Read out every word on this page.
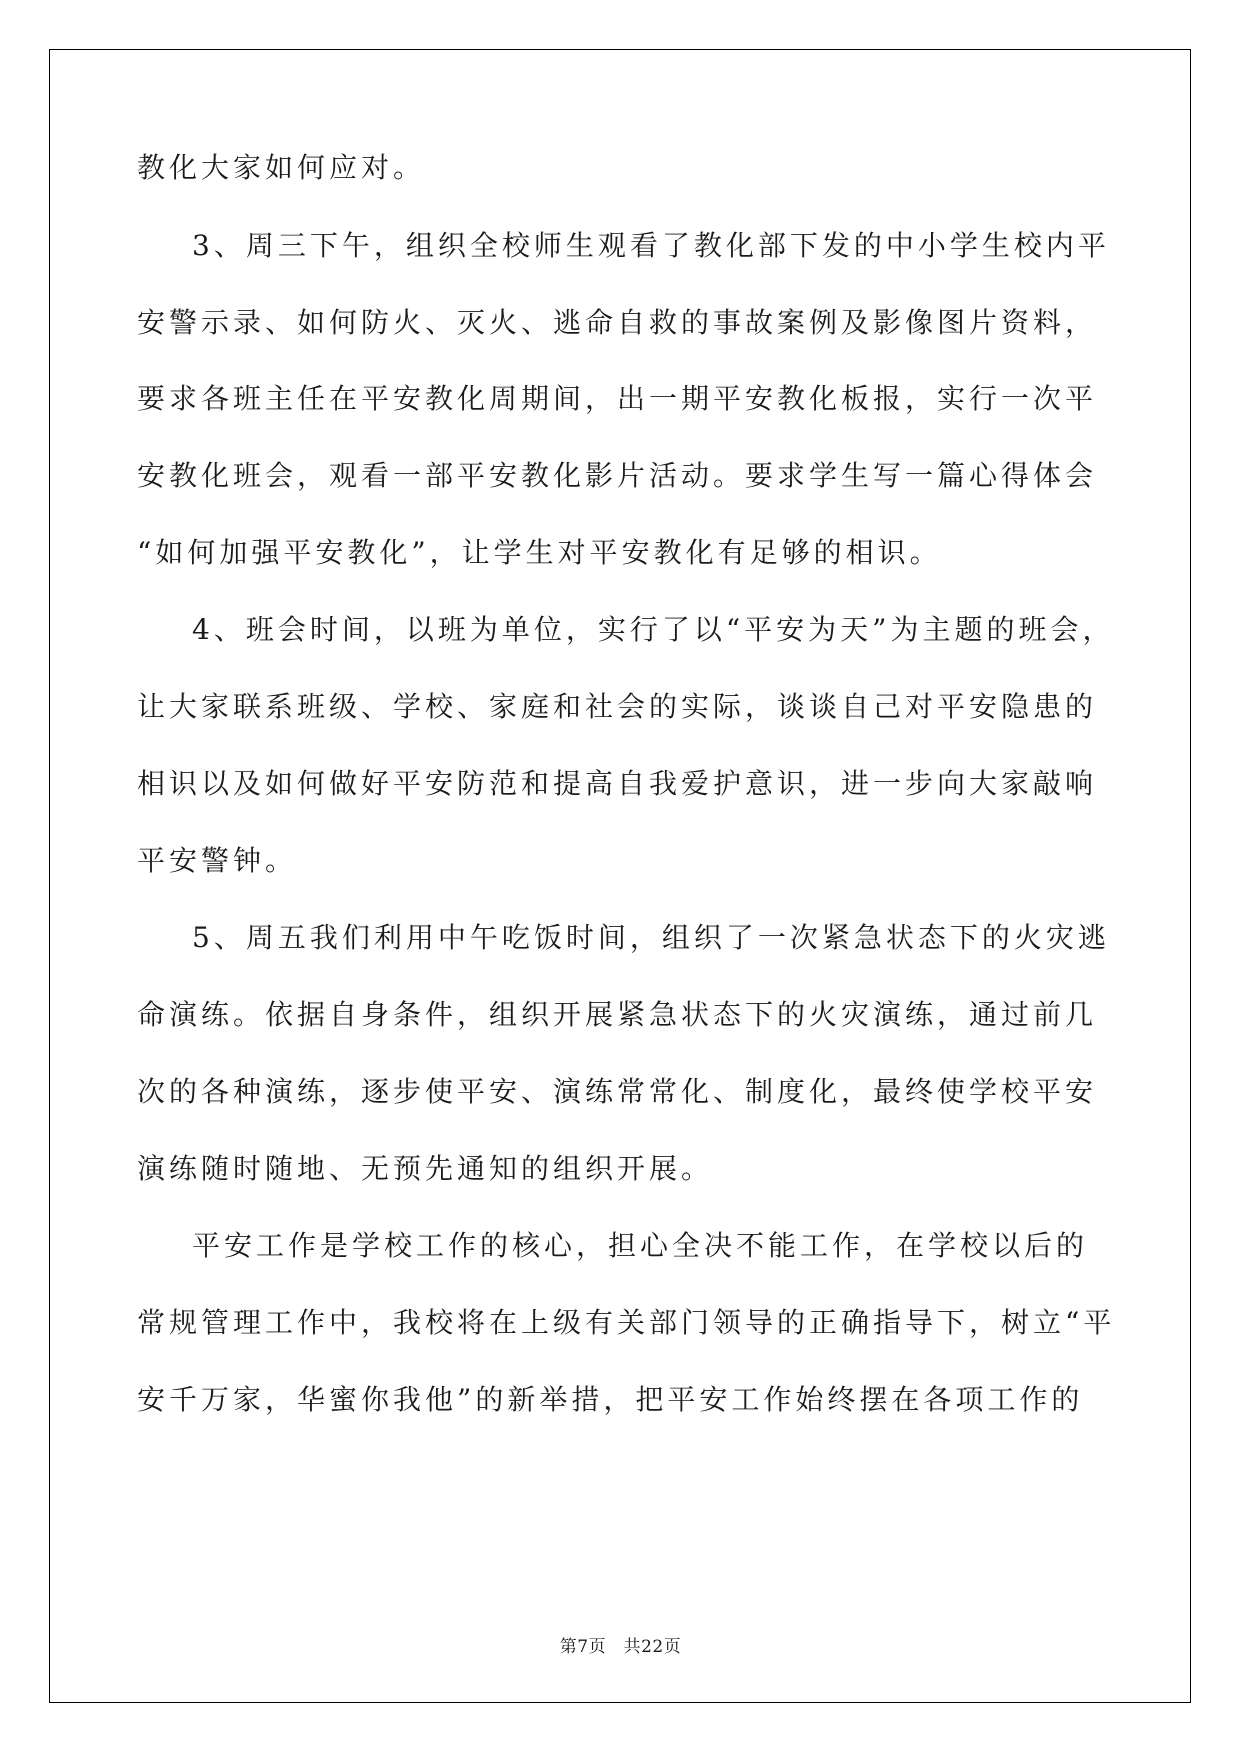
教化大家如何应对。
3、周三下午，组织全校师生观看了教化部下发的中小学生校内平
安警示录、如何防火、灭火、逃命自救的事故案例及影像图片资料，
要求各班主任在平安教化周期间，出一期平安教化板报，实行一次平
安教化班会，观看一部平安教化影片活动。要求学生写一篇心得体会
“如何加强平安教化”，让学生对平安教化有足够的相识。
4、班会时间，以班为单位，实行了以“平安为天”为主题的班会，
让大家联系班级、学校、家庭和社会的实际，谈谈自己对平安隐患的
相识以及如何做好平安防范和提高自我爱护意识，进一步向大家敲响
平安警钟。
5、周五我们利用中午吃饭时间，组织了一次紧急状态下的火灾逃
命演练。依据自身条件，组织开展紧急状态下的火灾演练，通过前几
次的各种演练，逐步使平安、演练常常化、制度化，最终使学校平安
演练随时随地、无预先通知的组织开展。
平安工作是学校工作的核心，担心全决不能工作，在学校以后的
常规管理工作中，我校将在上级有关部门领导的正确指导下，树立“平
安千万家，华蜜你我他”的新举措，把平安工作始终摆在各项工作的
第7页　共22页
